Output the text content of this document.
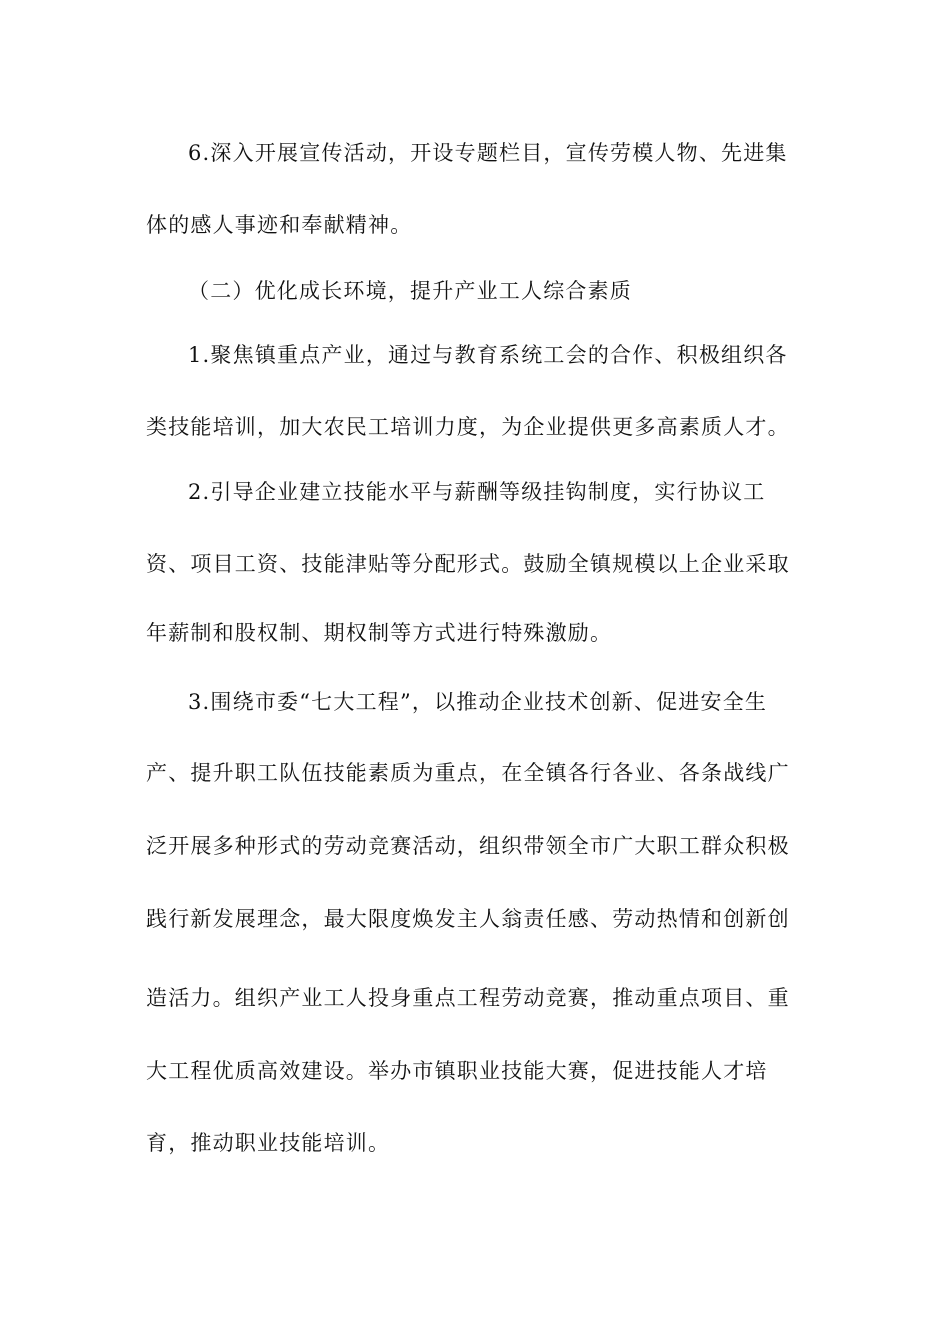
6.深入开展宣传活动，开设专题栏目，宣传劳模人物、先进集
体的感人事迹和奉献精神。
（二）优化成长环境，提升产业工人综合素质
1.聚焦镇重点产业，通过与教育系统工会的合作、积极组织各
类技能培训，加大农民工培训力度，为企业提供更多高素质人才。
2.引导企业建立技能水平与薪酬等级挂钩制度，实行协议工
资、项目工资、技能津贴等分配形式。鼓励全镇规模以上企业采取
年薪制和股权制、期权制等方式进行特殊激励。
3.围绕市委“七大工程”，以推动企业技术创新、促进安全生
产、提升职工队伍技能素质为重点，在全镇各行各业、各条战线广
泛开展多种形式的劳动竞赛活动，组织带领全市广大职工群众积极
践行新发展理念，最大限度焕发主人翁责任感、劳动热情和创新创
造活力。组织产业工人投身重点工程劳动竞赛，推动重点项目、重
大工程优质高效建设。举办市镇职业技能大赛，促进技能人才培
育，推动职业技能培训。
